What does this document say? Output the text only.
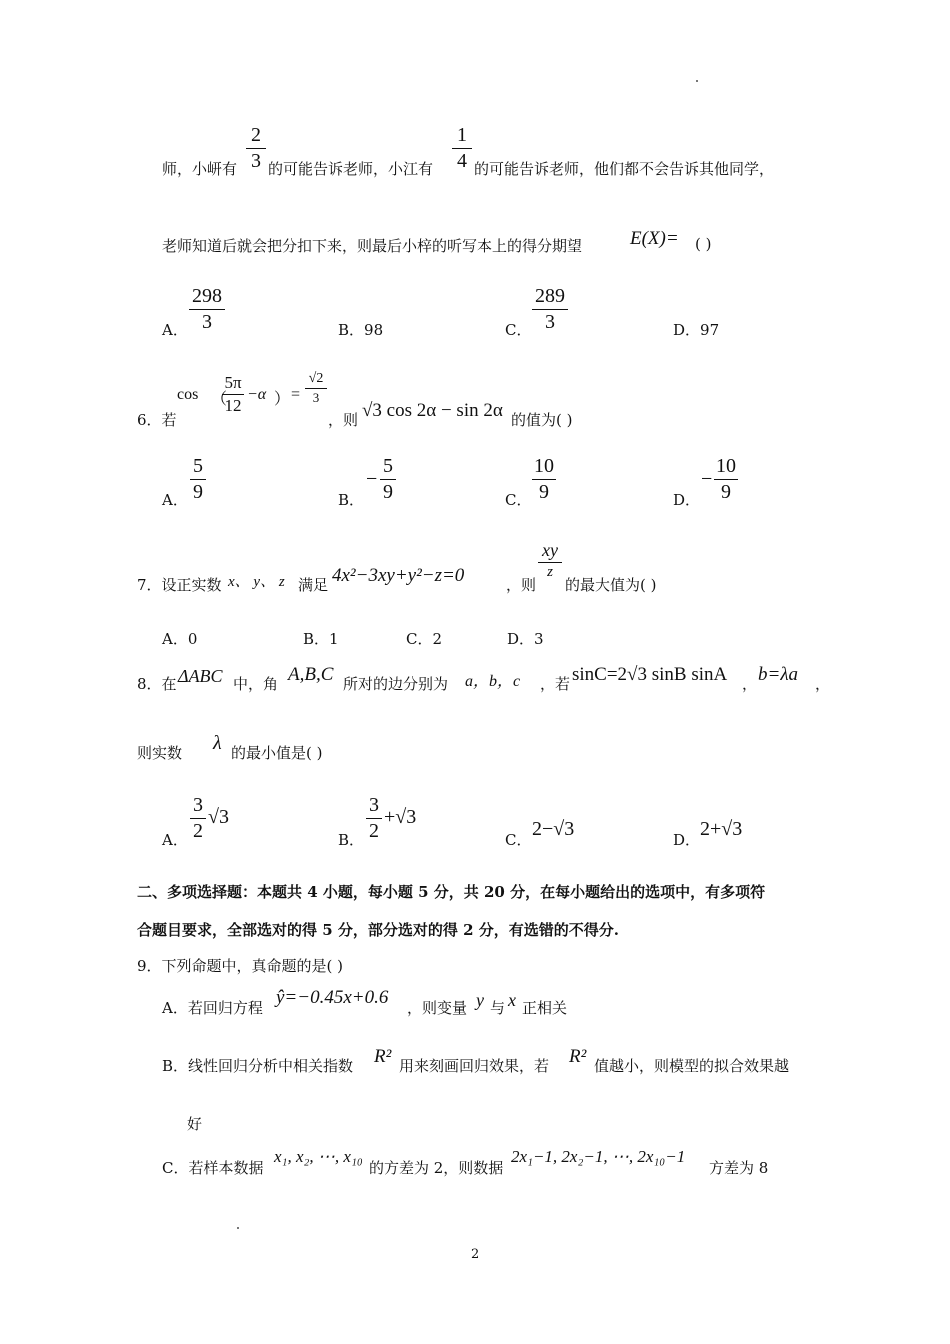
师，小岍有
2
3 的可能告诉老师，小江有
1
4 的可能告诉老师，他们都不会告诉其他同学，
老师知道后就会把分扣下来，则最后小梓的听写本上的得分期望	E(X)= ( )
A．
298
3	B．98	C．
289
3	D．97
6．若
cos （
5π
12
−α ） =
√2
3
，则 √3 cos 2α − sin 2α 的值为( )
A．
5
9	B．
−
5
9	C．
10
9	D．
−
10
9
7．设正实数 x、 y、 z 满足 4x²−3xy+y²−z=0	，则
xy
z
的最大值为( )
A．0	B．1	C．2	D．3
8．在 ΔABC 中，角 A,B,C 所对的边分别为 a，b，c ，若 sinC=2√3 sinB sinA ， b=λa ，
则实数 λ 的最小值是( )
A．
3
2
√3
B．
3
2
+√3
C． 2−√3	D． 2+√3
二、多项选择题：本题共 4 小题，每小题 5 分，共 20 分，在每小题给出的选项中，有多项符
合题目要求，全部选对的得 5 分，部分选对的得 2 分，有选错的不得分.
9．下列命题中，真命题的是( )
A．若回归方程 ŷ=−0.45x+0.6 ，则变量 y 与 x 正相关
B．线性回归分析中相关指数 R² 用来刻画回归效果，若 R² 值越小，则模型的拟合效果越
好
C．若样本数据
x₁, x₂, ⋯, x₁₀
的方差为 2，则数据
2x₁−1, 2x₂−1, ⋯, 2x₁₀−1
方差为 8
2
